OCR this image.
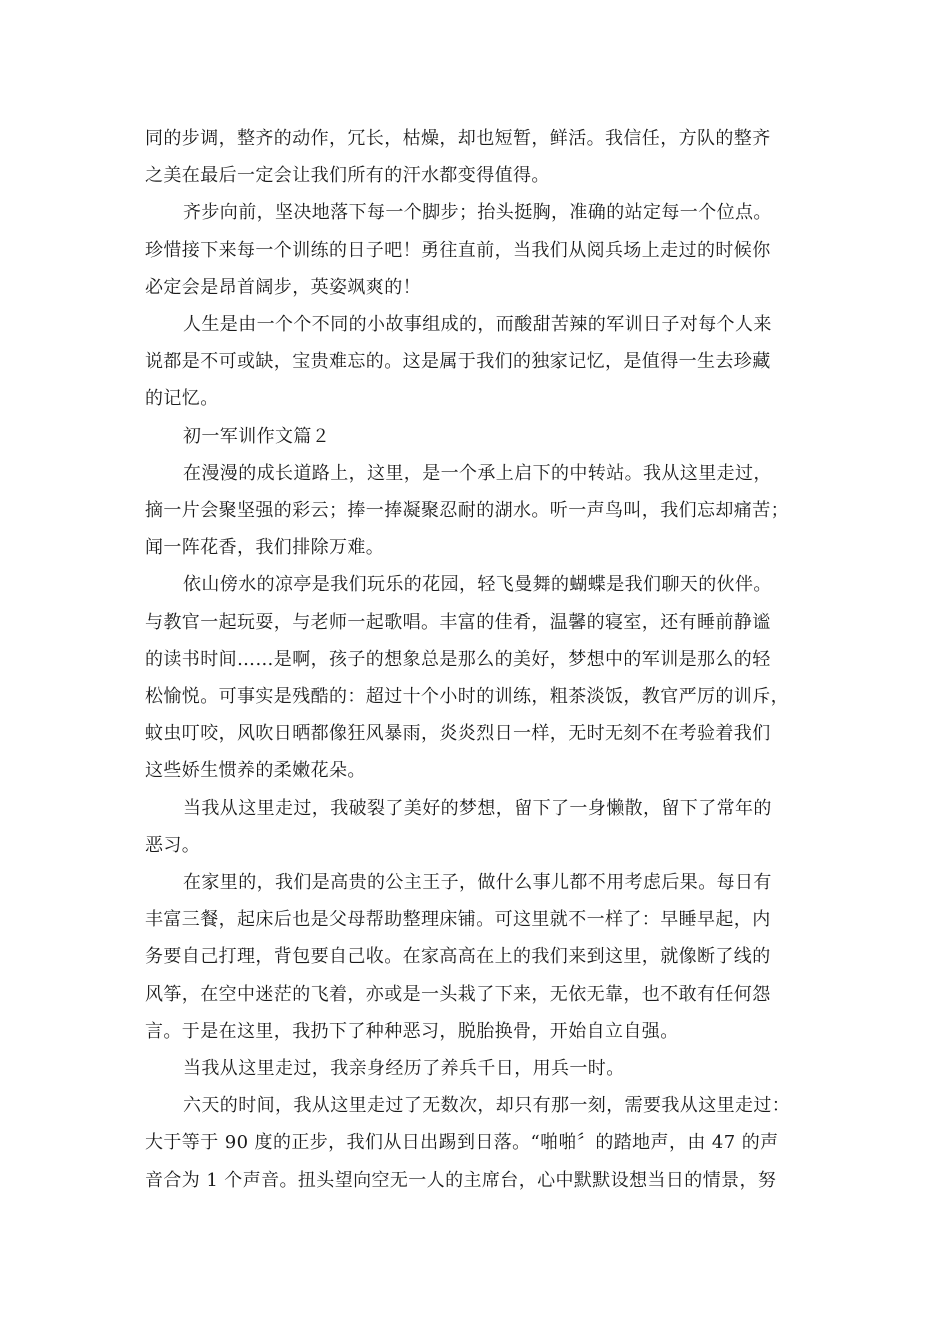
同的步调，整齐的动作，冗长，枯燥，却也短暂，鲜活。我信任，方队的整齐
之美在最后一定会让我们所有的汗水都变得值得。
齐步向前，坚决地落下每一个脚步；抬头挺胸，准确的站定每一个位点。
珍惜接下来每一个训练的日子吧！勇往直前，当我们从阅兵场上走过的时候你
必定会是昂首阔步，英姿飒爽的！
人生是由一个个不同的小故事组成的，而酸甜苦辣的军训日子对每个人来
说都是不可或缺，宝贵难忘的。这是属于我们的独家记忆，是值得一生去珍藏
的记忆。
初一军训作文篇２
在漫漫的成长道路上，这里，是一个承上启下的中转站。我从这里走过，
摘一片会聚坚强的彩云；捧一捧凝聚忍耐的湖水。听一声鸟叫，我们忘却痛苦；
闻一阵花香，我们排除万难。
依山傍水的凉亭是我们玩乐的花园，轻飞曼舞的蝴蝶是我们聊天的伙伴。
与教官一起玩耍，与老师一起歌唱。丰富的佳肴，温馨的寝室，还有睡前静谧
的读书时间……是啊，孩子的想象总是那么的美好，梦想中的军训是那么的轻
松愉悦。可事实是残酷的：超过十个小时的训练，粗茶淡饭，教官严厉的训斥，
蚊虫叮咬，风吹日晒都像狂风暴雨，炎炎烈日一样，无时无刻不在考验着我们
这些娇生惯养的柔嫩花朵。
当我从这里走过，我破裂了美好的梦想，留下了一身懒散，留下了常年的
恶习。
在家里的，我们是高贵的公主王子，做什么事儿都不用考虑后果。每日有
丰富三餐，起床后也是父母帮助整理床铺。可这里就不一样了：早睡早起，内
务要自己打理，背包要自己收。在家高高在上的我们来到这里，就像断了线的
风筝，在空中迷茫的飞着，亦或是一头栽了下来，无依无靠，也不敢有任何怨
言。于是在这里，我扔下了种种恶习，脱胎换骨，开始自立自强。
当我从这里走过，我亲身经历了养兵千日，用兵一时。
六天的时间，我从这里走过了无数次，却只有那一刻，需要我从这里走过：
大于等于 90 度的正步，我们从日出踢到日落。“啪啪〞的踏地声，由 47 的声
音合为 1 个声音。扭头望向空无一人的主席台，心中默默设想当日的情景，努
